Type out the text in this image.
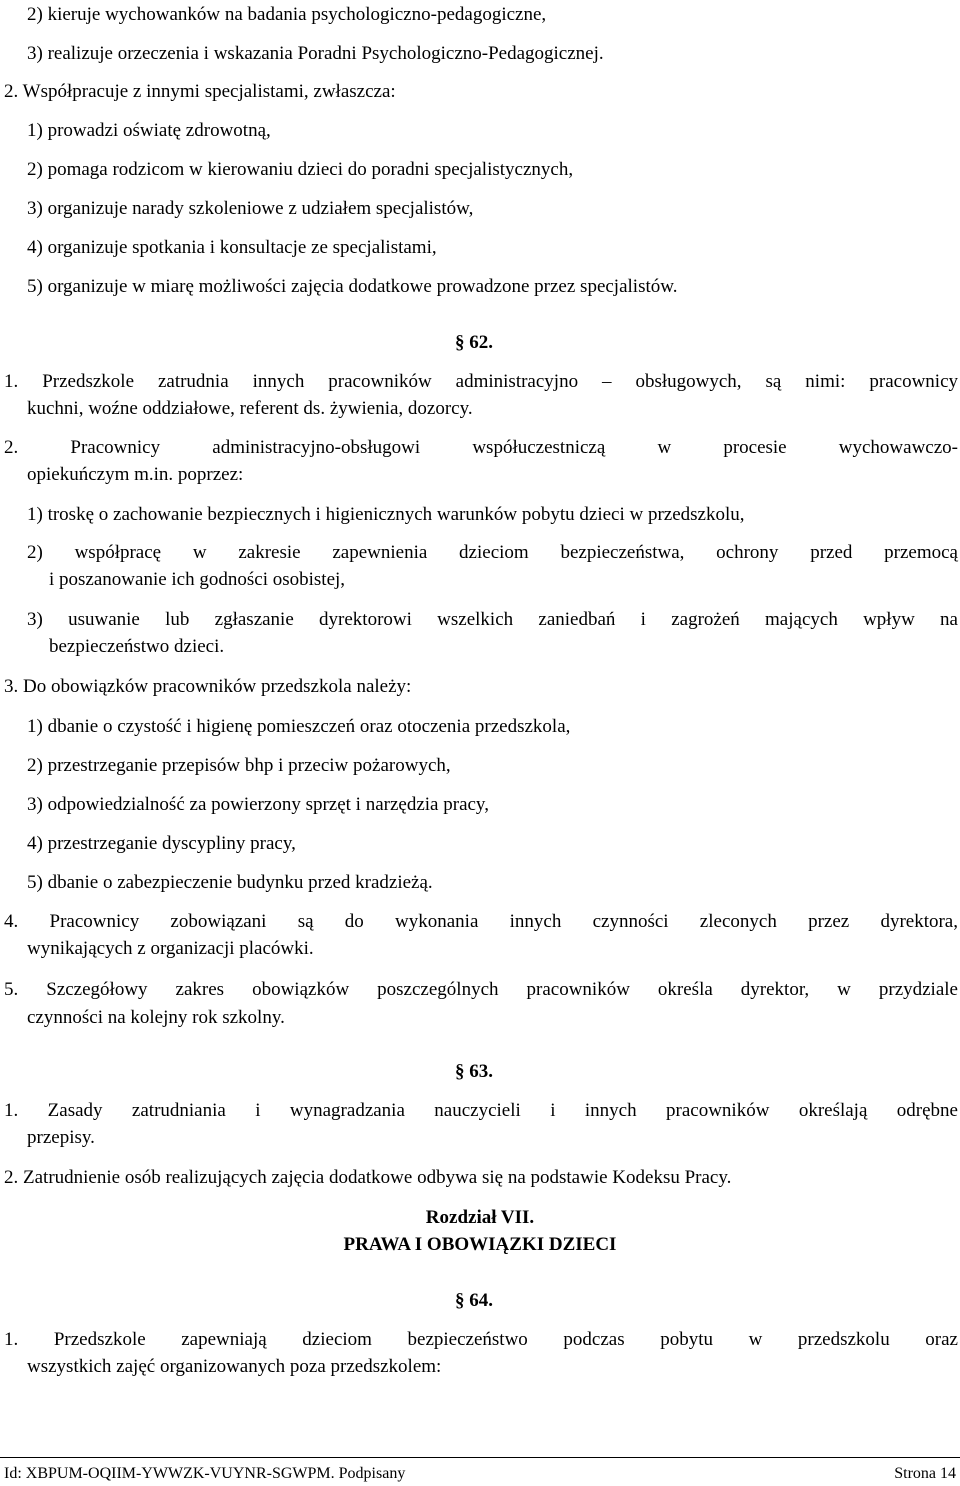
2) kieruje wychowanków na badania psychologiczno-pedagogiczne,
3) realizuje orzeczenia i wskazania Poradni Psychologiczno-Pedagogicznej.
2. Współpracuje z innymi specjalistami, zwłaszcza:
1) prowadzi oświatę zdrowotną,
2) pomaga rodzicom w kierowaniu dzieci do poradni specjalistycznych,
3) organizuje narady szkoleniowe z udziałem specjalistów,
4) organizuje spotkania i konsultacje ze specjalistami,
5) organizuje w miarę możliwości zajęcia dodatkowe prowadzone przez specjalistów.
§ 62.
1. Przedszkole zatrudnia innych pracowników administracyjno – obsługowych, są nimi: pracownicy
kuchni, woźne oddziałowe, referent ds. żywienia, dozorcy.
2. Pracownicy administracyjno-obsługowi współuczestniczą w procesie wychowawczo-
opiekuńczym m.in. poprzez:
1) troskę o zachowanie bezpiecznych i higienicznych warunków pobytu dzieci w przedszkolu,
2) współpracę w zakresie zapewnienia dzieciom bezpieczeństwa, ochrony przed przemocą
i poszanowanie ich godności osobistej,
3) usuwanie lub zgłaszanie dyrektorowi wszelkich zaniedbań i zagrożeń mających wpływ na
bezpieczeństwo dzieci.
3. Do obowiązków pracowników przedszkola należy:
1) dbanie o czystość i higienę pomieszczeń oraz otoczenia przedszkola,
2) przestrzeganie przepisów bhp i przeciw pożarowych,
3) odpowiedzialność za powierzony sprzęt i narzędzia pracy,
4) przestrzeganie dyscypliny pracy,
5) dbanie o zabezpieczenie budynku przed kradzieżą.
4. Pracownicy zobowiązani są do wykonania innych czynności zleconych przez dyrektora,
wynikających z organizacji placówki.
5. Szczegółowy zakres obowiązków poszczególnych pracowników określa dyrektor, w przydziale
czynności na kolejny rok szkolny.
§ 63.
1. Zasady zatrudniania i wynagradzania nauczycieli i innych pracowników określają odrębne
przepisy.
2. Zatrudnienie osób realizujących zajęcia dodatkowe odbywa się na podstawie Kodeksu Pracy.
Rozdział VII.
PRAWA I OBOWIĄZKI DZIECI
§ 64.
1. Przedszkole zapewniają dzieciom bezpieczeństwo podczas pobytu w przedszkolu oraz
wszystkich zajęć organizowanych poza przedszkolem:
Id: XBPUM-OQIIM-YWWZK-VUYNR-SGWPM. Podpisany	Strona 14
